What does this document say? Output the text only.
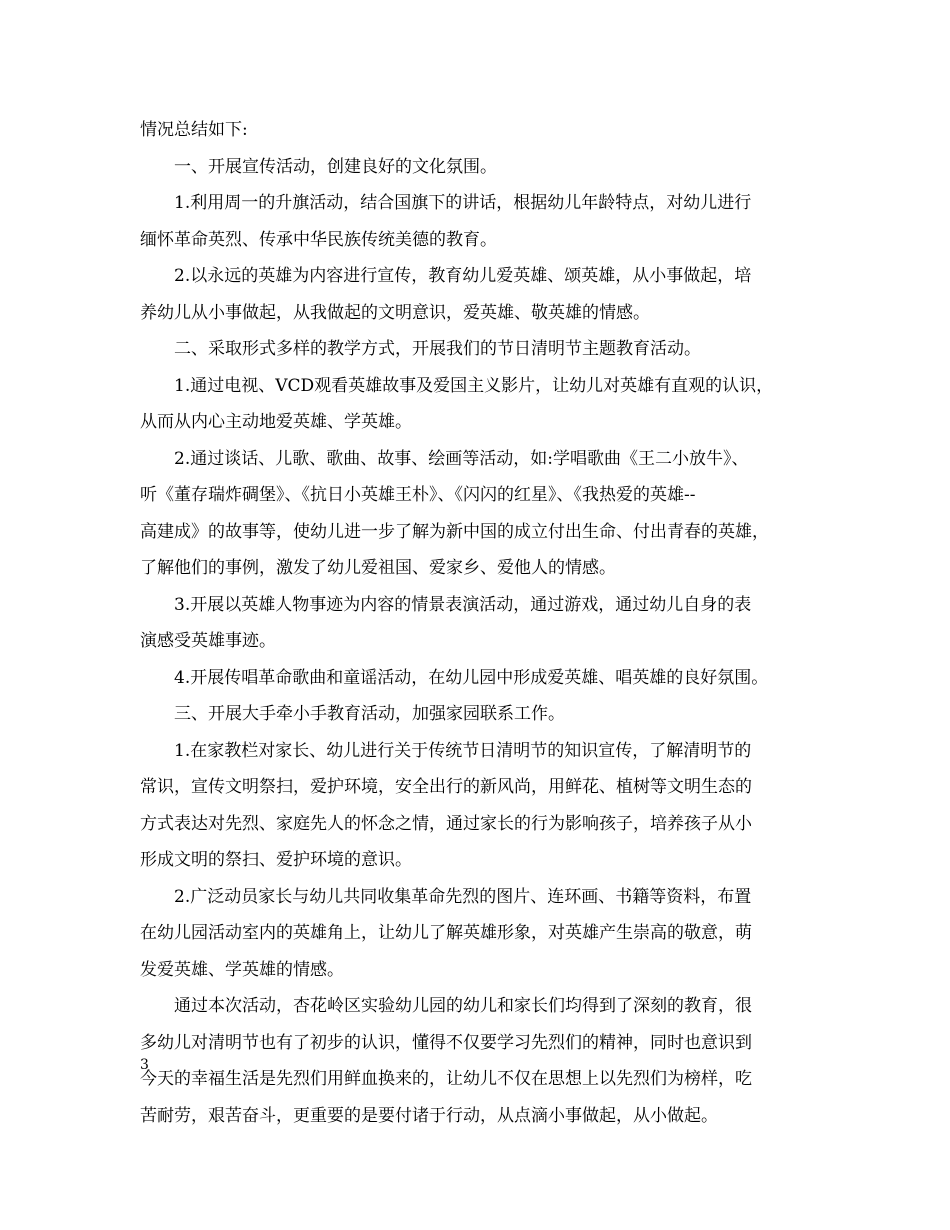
情况总结如下:
一、开展宣传活动，创建良好的文化氛围。
1.利用周一的升旗活动，结合国旗下的讲话，根据幼儿年龄特点，对幼儿进行
缅怀革命英烈、传承中华民族传统美德的教育。
2.以永远的英雄为内容进行宣传，教育幼儿爱英雄、颂英雄，从小事做起，培
养幼儿从小事做起，从我做起的文明意识，爱英雄、敬英雄的情感。
二、采取形式多样的教学方式，开展我们的节日清明节主题教育活动。
1.通过电视、VCD观看英雄故事及爱国主义影片，让幼儿对英雄有直观的认识，
从而从内心主动地爱英雄、学英雄。
2.通过谈话、儿歌、歌曲、故事、绘画等活动，如:学唱歌曲《王二小放牛》、
听《董存瑞炸碉堡》、《抗日小英雄王朴》、《闪闪的红星》、《我热爱的英雄--
高建成》的故事等，使幼儿进一步了解为新中国的成立付出生命、付出青春的英雄，
了解他们的事例，激发了幼儿爱祖国、爱家乡、爱他人的情感。
3.开展以英雄人物事迹为内容的情景表演活动，通过游戏，通过幼儿自身的表
演感受英雄事迹。
4.开展传唱革命歌曲和童谣活动，在幼儿园中形成爱英雄、唱英雄的良好氛围。
三、开展大手牵小手教育活动，加强家园联系工作。
1.在家教栏对家长、幼儿进行关于传统节日清明节的知识宣传，了解清明节的
常识，宣传文明祭扫，爱护环境，安全出行的新风尚，用鲜花、植树等文明生态的
方式表达对先烈、家庭先人的怀念之情，通过家长的行为影响孩子，培养孩子从小
形成文明的祭扫、爱护环境的意识。
2.广泛动员家长与幼儿共同收集革命先烈的图片、连环画、书籍等资料，布置
在幼儿园活动室内的英雄角上，让幼儿了解英雄形象，对英雄产生崇高的敬意，萌
发爱英雄、学英雄的情感。
通过本次活动，杏花岭区实验幼儿园的幼儿和家长们均得到了深刻的教育，很
多幼儿对清明节也有了初步的认识，懂得不仅要学习先烈们的精神，同时也意识到
今天的幸福生活是先烈们用鲜血换来的，让幼儿不仅在思想上以先烈们为榜样，吃
苦耐劳，艰苦奋斗，更重要的是要付诸于行动，从点滴小事做起，从小做起。
3
